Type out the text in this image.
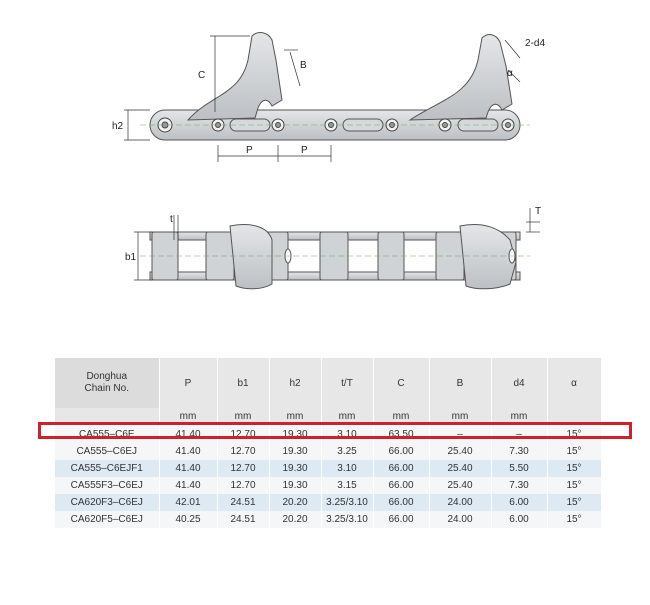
C
B
h2
P	P
2-d4
α
b1
t
T
Donghua
Chain No.	P	b1	h2	t/T	C	B	d4	α
	mm	mm	mm	mm	mm	mm	mm	
CA555–C6E	41.40	12.70	19.30	3.10	63.50	–	–	15°
CA555–C6EJ	41.40	12.70	19.30	3.25	66.00	25.40	7.30	15°
CA555–C6EJF1	41.40	12.70	19.30	3.10	66.00	25.40	5.50	15°
CA555F3–C6EJ	41.40	12.70	19.30	3.15	66.00	25.40	7.30	15°
CA620F3–C6EJ	42.01	24.51	20.20	3.25/3.10	66.00	24.00	6.00	15°
CA620F5–C6EJ	40.25	24.51	20.20	3.25/3.10	66.00	24.00	6.00	15°
